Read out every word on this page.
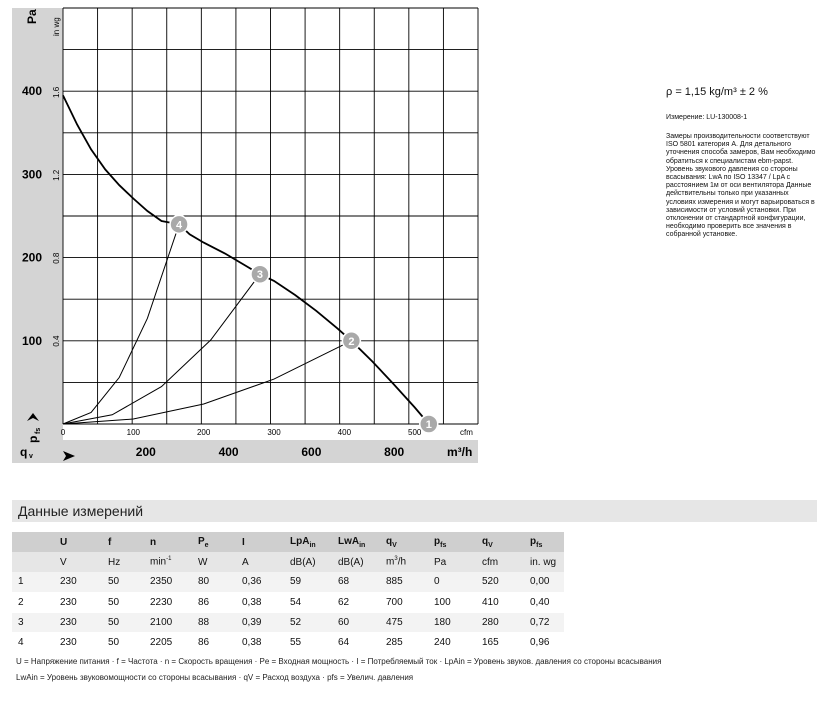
100
200
300
400
Pa
0.4
0.8
1.2
1.6
in wg
p
fs 0	100	200	300	400	500	cfm
200	400	600	800	m³/h
q v
1
2
3
4

ρ = 1,15 kg/m³ ± 2 %

Измерение: LU-130008-1

Замеры производительности соответствуют ISO 5801 категория А. Для детального уточнения способа замеров, Вам необходимо обратиться к специалистам ebm-papst. Уровень звукового давления со стороны всасывания: LwA по ISO 13347 / LpA с расстоянием 1м от оси вентилятора Данные действительны только при указанных условиях измерения и могут варьироваться в зависимости от условий установки. При отклонении от стандартной конфигурации, необходимо проверить все значения в собранной установке.

Данные измерений
	U	f	n	$P_e$	I	LpA$_{in}$	LwA$_{in}$	$q_V$	$p_{fs}$	$q_V$	$p_{fs}$
	V	Hz	$\min^{-1}$	W	A	dB(A)	dB(A)	$m^3/h$	Pa	cfm	in. wg
1	230	50	2350	80	0,36	59	68	885	0	520	0,00
2	230	50	2230	86	0,38	54	62	700	100	410	0,40
3	230	50	2100	88	0,39	52	60	475	180	280	0,72
4	230	50	2205	86	0,38	55	64	285	240	165	0,96
U = Напряжение питания · f = Частота · n = Скорость вращения · Pe = Входная мощность · I = Потребляемый ток · LpAin = Уровень звуков. давления со стороны всасывания
LwAin = Уровень звуковомощности со стороны всасывания · qV = Расход воздуха · pfs = Увелич. давления
